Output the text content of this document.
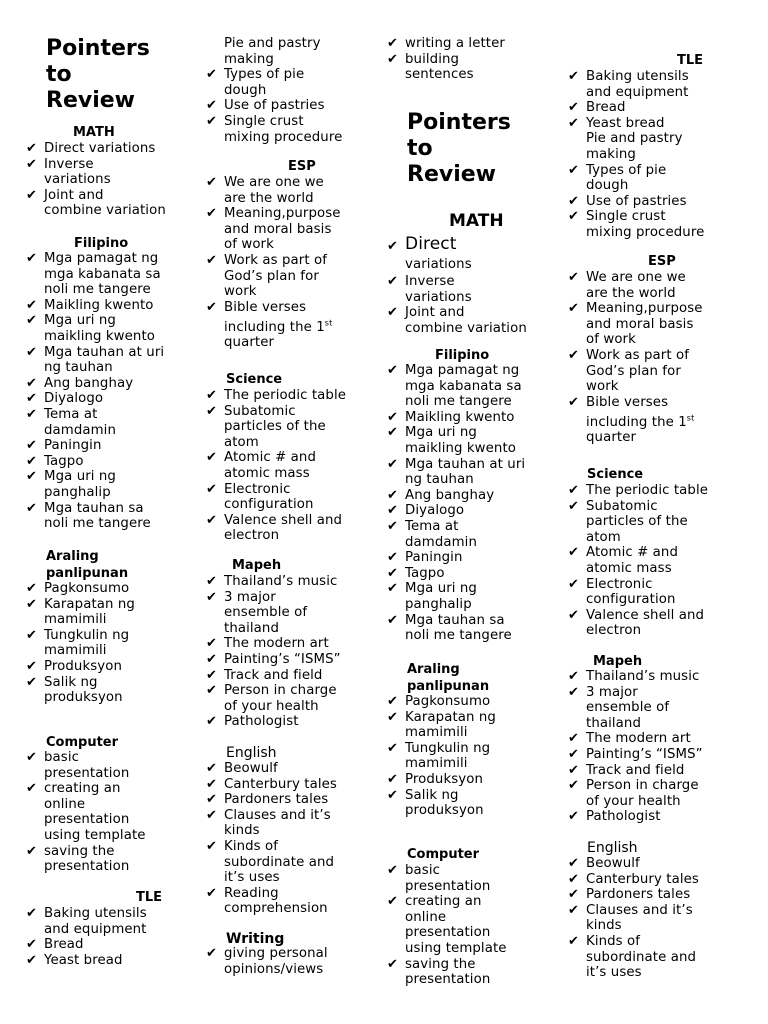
Pointers
to
Review
MATH
✔ Direct variations
✔ Inverse
variations
✔ Joint and
combine variation
Filipino
✔ Mga pamagat ng
mga kabanata sa
noli me tangere
✔ Maikling kwento
✔ Mga uri ng
maikling kwento
✔ Mga tauhan at uri
ng tauhan
✔ Ang banghay
✔ Diyalogo
✔ Tema at
damdamin
✔ Paningin
✔ Tagpo
✔ Mga uri ng
panghalip
✔ Mga tauhan sa
noli me tangere
Araling
panlipunan
✔ Pagkonsumo
✔ Karapatan ng
mamimili
✔ Tungkulin ng
mamimili
✔ Produksyon
✔ Salik ng
produksyon
Computer
✔ basic
presentation
✔ creating an
online
presentation
using template
✔ saving the
presentation
TLE
✔ Baking utensils
and equipment
✔ Bread
✔ Yeast bread
Pie and pastry
making
✔ Types of pie
dough
✔ Use of pastries
✔ Single crust
mixing procedure
ESP
✔ We are one we
are the world
✔ Meaning,purpose
and moral basis
of work
✔ Work as part of
God’s plan for
work
✔ Bible verses
including the 1st
quarter
Science
✔ The periodic table
✔ Subatomic
particles of the
atom
✔ Atomic # and
atomic mass
✔ Electronic
configuration
✔ Valence shell and
electron
Mapeh
✔ Thailand’s music
✔ 3 major
ensemble of
thailand
✔ The modern art
✔ Painting’s “ISMS”
✔ Track and field
✔ Person in charge
of your health
✔ Pathologist
English
✔ Beowulf
✔ Canterbury tales
✔ Pardoners tales
✔ Clauses and it’s
kinds
✔ Kinds of
subordinate and
it’s uses
✔ Reading
comprehension
Writing
✔ giving personal
opinions/views
✔ writing a letter
✔ building
sentences
Pointers
to
Review
MATH
✔ Direct
variations
✔ Inverse
variations
✔ Joint and
combine variation
Filipino
✔ Mga pamagat ng
mga kabanata sa
noli me tangere
✔ Maikling kwento
✔ Mga uri ng
maikling kwento
✔ Mga tauhan at uri
ng tauhan
✔ Ang banghay
✔ Diyalogo
✔ Tema at
damdamin
✔ Paningin
✔ Tagpo
✔ Mga uri ng
panghalip
✔ Mga tauhan sa
noli me tangere
Araling
panlipunan
✔ Pagkonsumo
✔ Karapatan ng
mamimili
✔ Tungkulin ng
mamimili
✔ Produksyon
✔ Salik ng
produksyon
Computer
✔ basic
presentation
✔ creating an
online
presentation
using template
✔ saving the
presentation
TLE
✔ Baking utensils
and equipment
✔ Bread
✔ Yeast bread
Pie and pastry
making
✔ Types of pie
dough
✔ Use of pastries
✔ Single crust
mixing procedure
ESP
✔ We are one we
are the world
✔ Meaning,purpose
and moral basis
of work
✔ Work as part of
God’s plan for
work
✔ Bible verses
including the 1st
quarter
Science
✔ The periodic table
✔ Subatomic
particles of the
atom
✔ Atomic # and
atomic mass
✔ Electronic
configuration
✔ Valence shell and
electron
Mapeh
✔ Thailand’s music
✔ 3 major
ensemble of
thailand
✔ The modern art
✔ Painting’s “ISMS”
✔ Track and field
✔ Person in charge
of your health
✔ Pathologist
English
✔ Beowulf
✔ Canterbury tales
✔ Pardoners tales
✔ Clauses and it’s
kinds
✔ Kinds of
subordinate and
it’s uses
